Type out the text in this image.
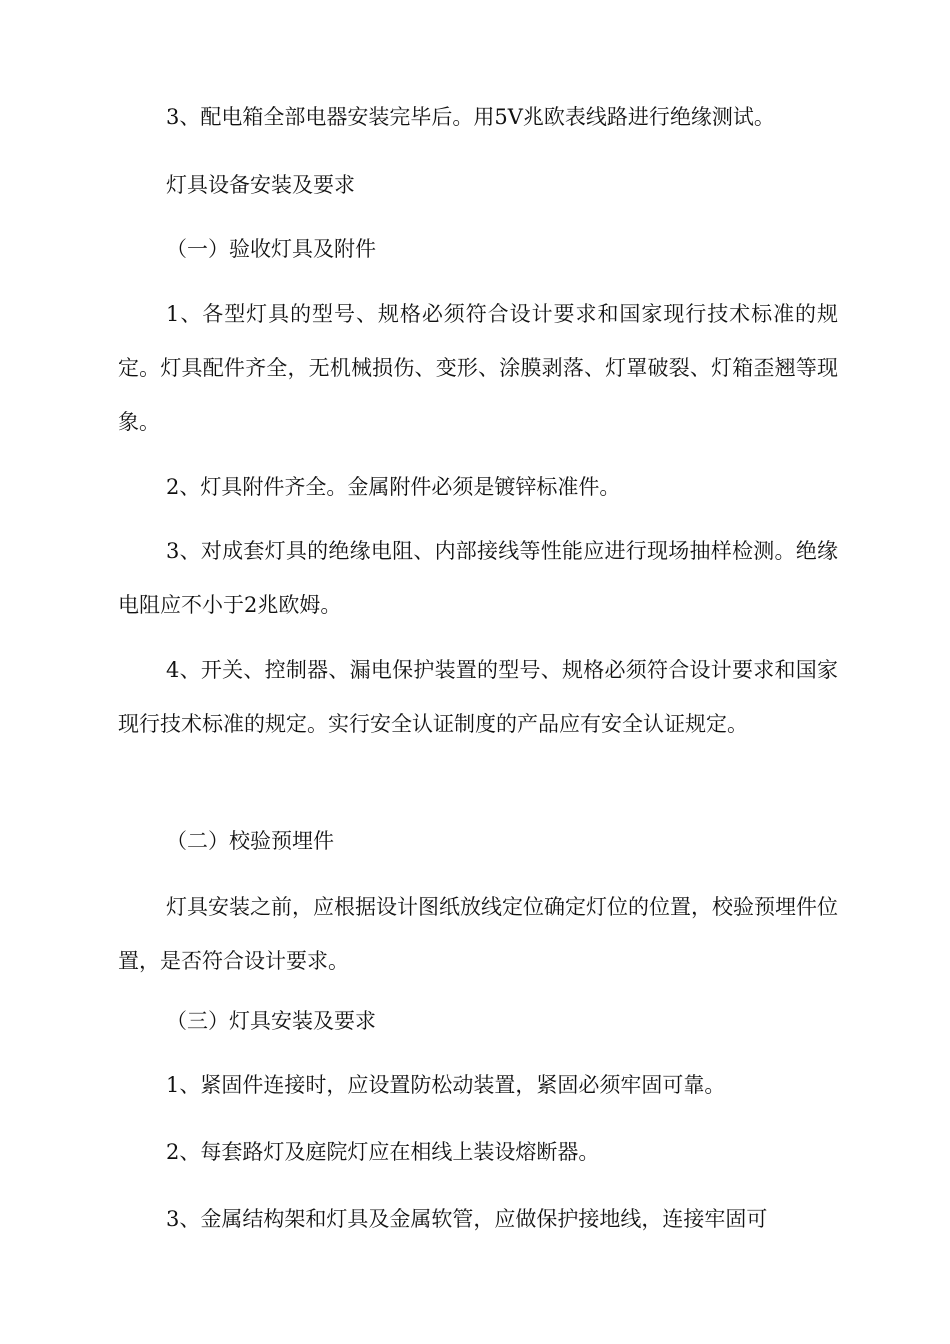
3、配电箱全部电器安装完毕后。用5V兆欧表线路进行绝缘测试。

灯具设备安装及要求

（一）验收灯具及附件

1、各型灯具的型号、规格必须符合设计要求和国家现行技术标准的规定。灯具配件齐全，无机械损伤、变形、涂膜剥落、灯罩破裂、灯箱歪翘等现象。

2、灯具附件齐全。金属附件必须是镀锌标准件。

3、对成套灯具的绝缘电阻、内部接线等性能应进行现场抽样检测。绝缘电阻应不小于2兆欧姆。

4、开关、控制器、漏电保护装置的型号、规格必须符合设计要求和国家现行技术标准的规定。实行安全认证制度的产品应有安全认证规定。

（二）校验预埋件

灯具安装之前，应根据设计图纸放线定位确定灯位的位置，校验预埋件位置，是否符合设计要求。

（三）灯具安装及要求

1、紧固件连接时，应设置防松动装置，紧固必须牢固可靠。

2、每套路灯及庭院灯应在相线上装设熔断器。

3、金属结构架和灯具及金属软管，应做保护接地线，连接牢固可
